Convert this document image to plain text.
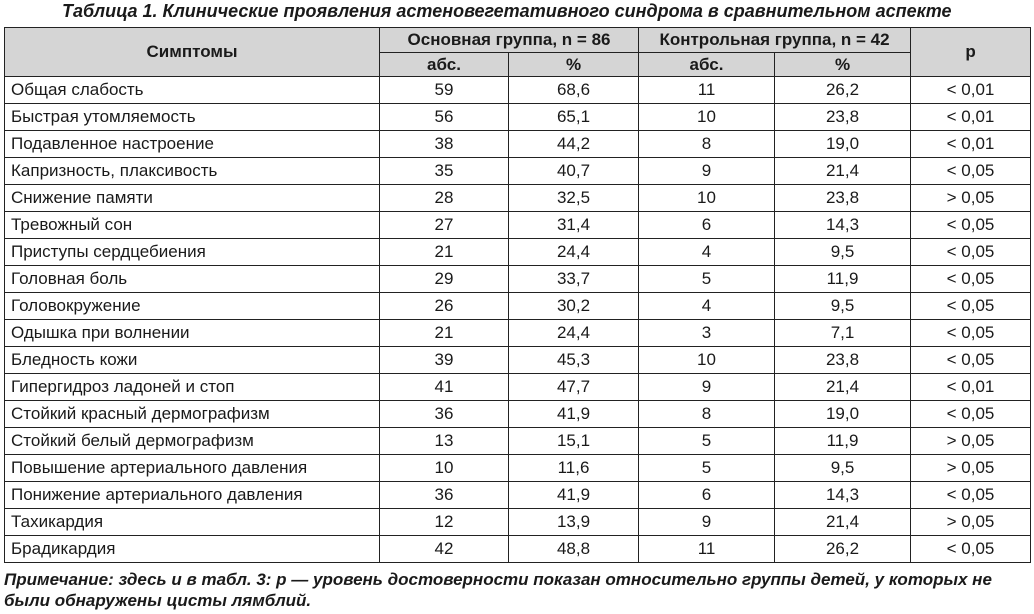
Таблица 1. Клинические проявления астеновегетативного синдрома в сравнительном аспекте
Симптомы	Основная группа, n = 86		Контрольная группа, n = 42		р
	абс.	%	абс.	%	
Общая слабость	59	68,6	11	26,2	< 0,01
Быстрая утомляемость	56	65,1	10	23,8	< 0,01
Подавленное настроение	38	44,2	8	19,0	< 0,01
Капризность, плаксивость	35	40,7	9	21,4	< 0,05
Снижение памяти	28	32,5	10	23,8	> 0,05
Тревожный сон	27	31,4	6	14,3	< 0,05
Приступы сердцебиения	21	24,4	4	9,5	< 0,05
Головная боль	29	33,7	5	11,9	< 0,05
Головокружение	26	30,2	4	9,5	< 0,05
Одышка при волнении	21	24,4	3	7,1	< 0,05
Бледность кожи	39	45,3	10	23,8	< 0,05
Гипергидроз ладоней и стоп	41	47,7	9	21,4	< 0,01
Стойкий красный дермографизм	36	41,9	8	19,0	< 0,05
Стойкий белый дермографизм	13	15,1	5	11,9	> 0,05
Повышение артериального давления	10	11,6	5	9,5	> 0,05
Понижение артериального давления	36	41,9	6	14,3	< 0,05
Тахикардия	12	13,9	9	21,4	> 0,05
Брадикардия	42	48,8	11	26,2	< 0,05
Примечание: здесь и в табл. 3: р — уровень достоверности показан относительно группы детей, у которых не были обнаружены цисты лямблий.
